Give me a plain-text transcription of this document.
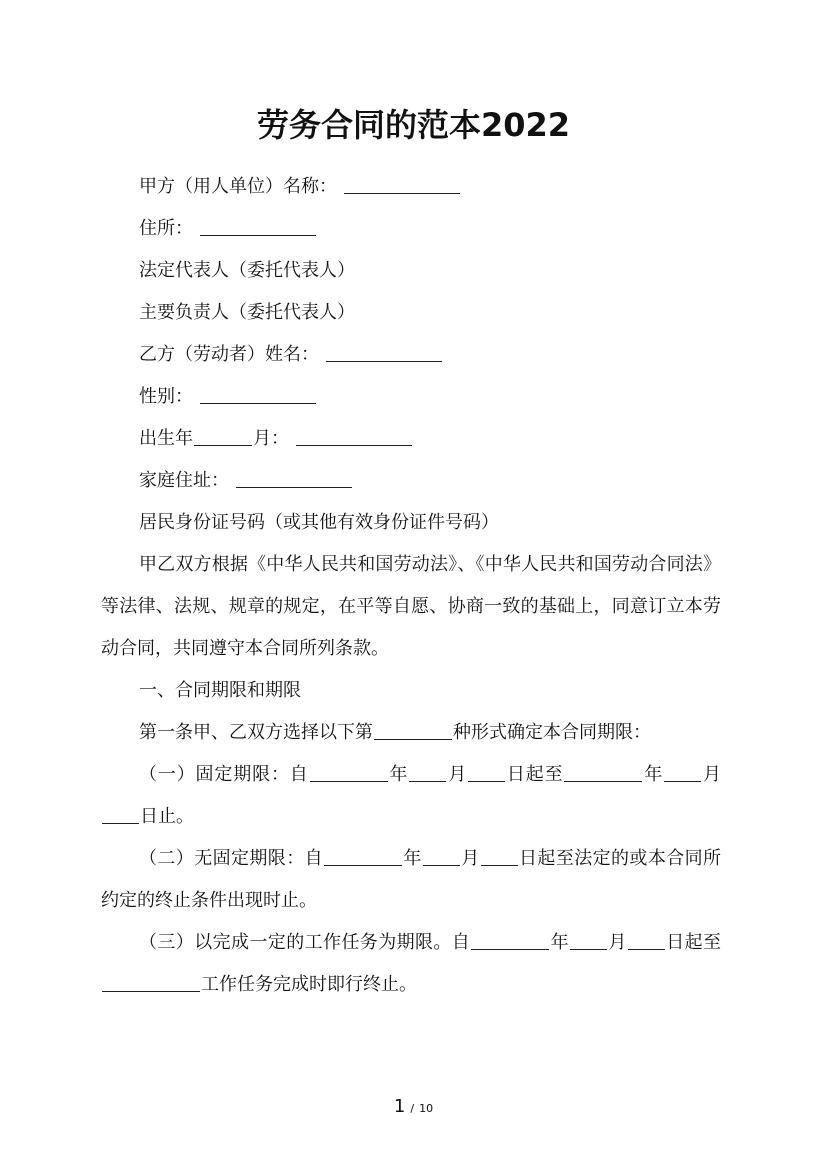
劳务合同的范本2022

甲方（用人单位）名称：

住所：

法定代表人（委托代表人）

主要负责人（委托代表人）

乙方（劳动者）姓名：

性别：

出生年	月：

家庭住址：

居民身份证号码（或其他有效身份证件号码）

甲乙双方根据《中华人民共和国劳动法》、《中华人民共和国劳动合同法》等法律、法规、规章的规定，在平等自愿、协商一致的基础上，同意订立本劳动合同，共同遵守本合同所列条款。

一、合同期限和期限

第一条甲、乙双方选择以下第	种形式确定本合同期限：

（一）固定期限：自	年 月 日起至	年 月日止。

（二）无固定期限：自	年 月 日起至法定的或本合同所约定的终止条件出现时止。

（三）以完成一定的工作任务为期限。自	年 月 日起至工作任务完成时即行终止。

1 / 10
